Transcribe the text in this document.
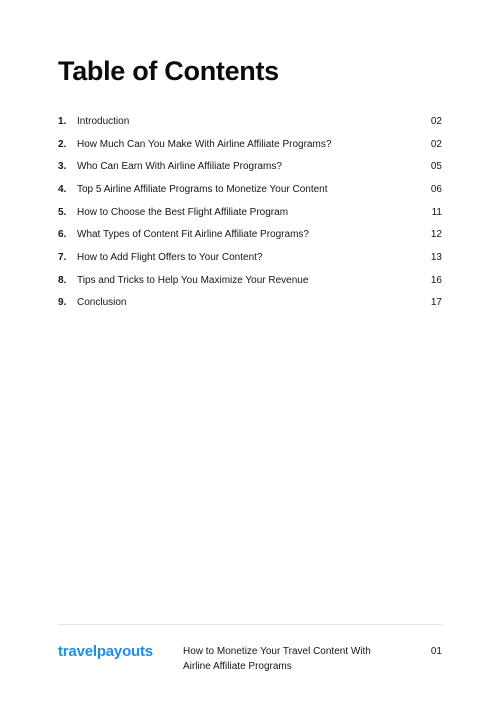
Table of Contents
1.	Introduction	02
2.	How Much Can You Make With Airline Affiliate Programs?	02
3.	Who Can Earn With Airline Affiliate Programs?	05
4.	Top 5 Airline Affiliate Programs to Monetize Your Content	06
5.	How to Choose the Best Flight Affiliate Program	11
6.	What Types of Content Fit Airline Affiliate Programs?	12
7.	How to Add Flight Offers to Your Content?	13
8.	Tips and Tricks to Help You Maximize Your Revenue	16
9.	Conclusion	17
travelpayouts	How to Monetize Your Travel Content With
Airline Affiliate Programs

01
